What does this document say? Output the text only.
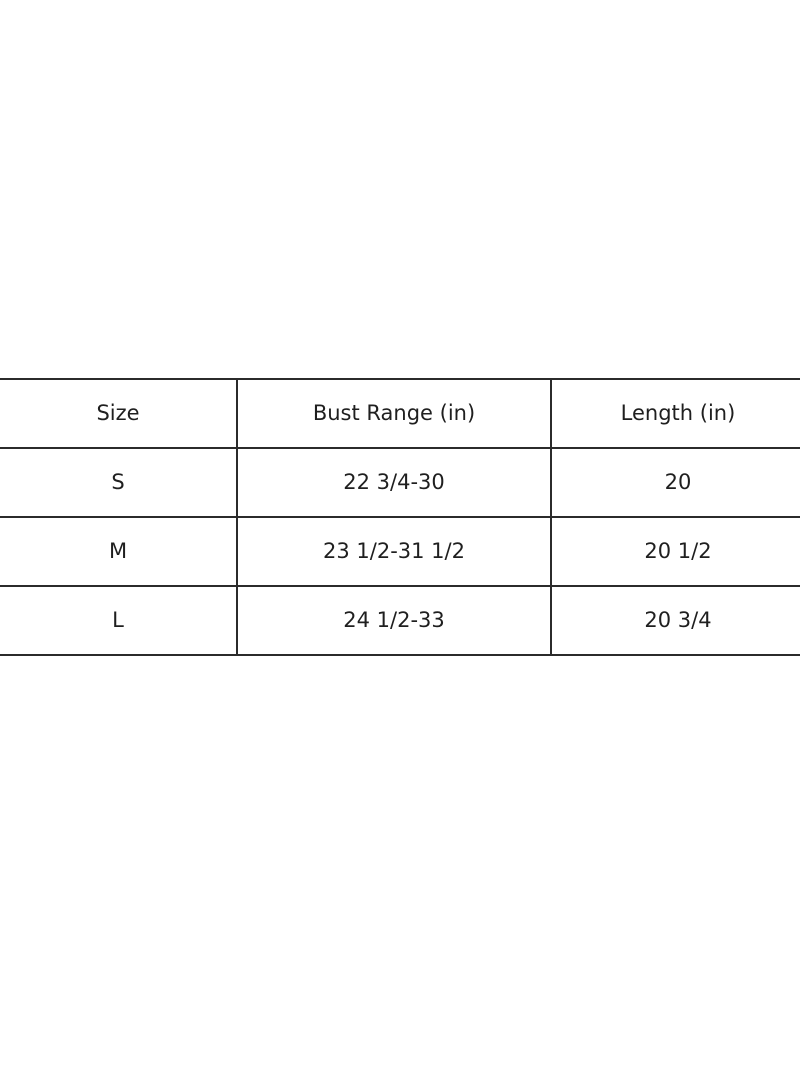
Size	Bust Range (in)	Length (in)
S	22 3/4-30	20
M	23 1/2-31 1/2	20 1/2
L	24 1/2-33	20 3/4
